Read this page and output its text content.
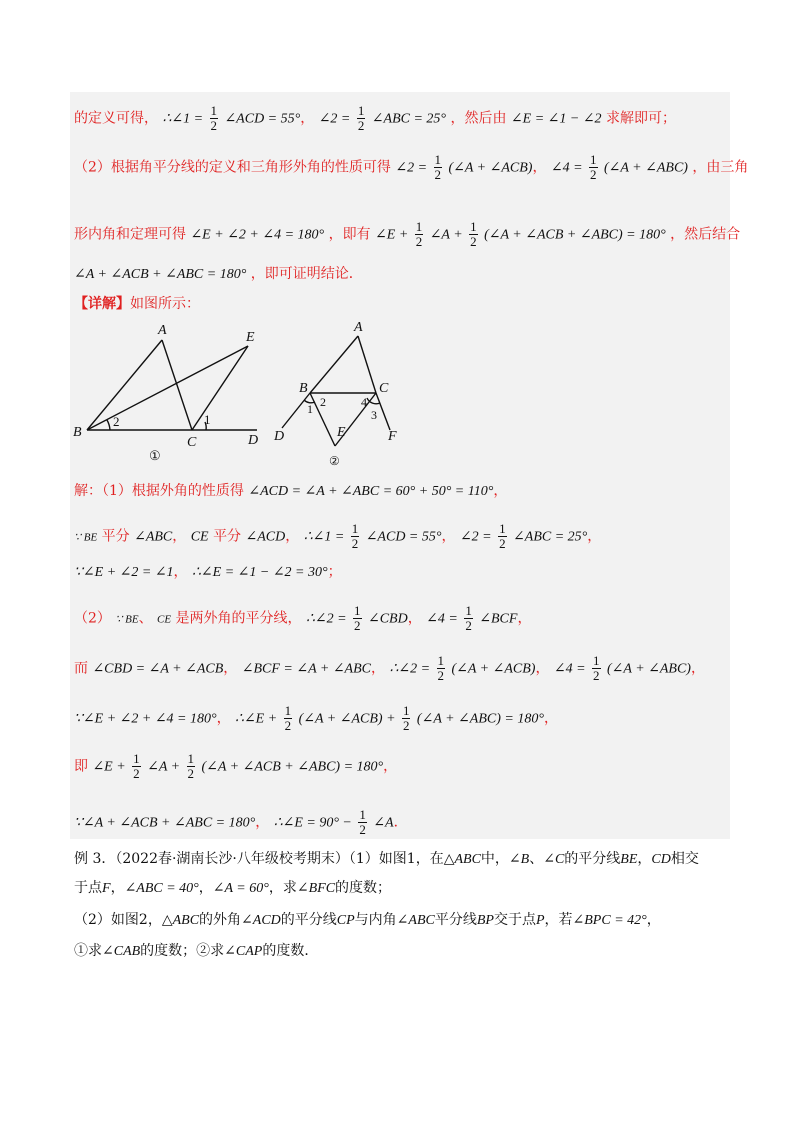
的定义可得， ∴∠1 = $\frac{1}{2}$ ∠ACD = 55°， ∠2 = $\frac{1}{2}$ ∠ABC = 25° ，然后由 ∠E = ∠1 − ∠2 求解即可；
（2）根据角平分线的定义和三角形外角的性质可得 ∠2 = $\frac{1}{2}$ (∠A + ∠ACB)， ∠4 = $\frac{1}{2}$ (∠A + ∠ABC) ，由三角
形内角和定理可得 ∠E + ∠2 + ∠4 = 180° ，即有 ∠E + $\frac{1}{2}$ ∠A + $\frac{1}{2}$ (∠A + ∠ACB + ∠ABC) = 180° ，然后结合
∠A + ∠ACB + ∠ABC = 180° ，即可证明结论．
【详解】如图所示：
A	E
B
C	D
1
2
①
A
B	C
D	E	F
1 2
3
4
②
解：（1）根据外角的性质得 ∠ACD = ∠A + ∠ABC = 60° + 50° = 110°，
∵ BE 平分 ∠ABC， CE 平分 ∠ACD， ∴∠1 = $\frac{1}{2}$ ∠ACD = 55°， ∠2 = $\frac{1}{2}$ ∠ABC = 25°，
∵∠E + ∠2 = ∠1， ∴∠E = ∠1 − ∠2 = 30°；
（2） ∵ BE、 CE 是两外角的平分线， ∴∠2 = $\frac{1}{2}$ ∠CBD， ∠4 = $\frac{1}{2}$ ∠BCF，
而 ∠CBD = ∠A + ∠ACB， ∠BCF = ∠A + ∠ABC， ∴∠2 = $\frac{1}{2}$ (∠A + ∠ACB)， ∠4 = $\frac{1}{2}$ (∠A + ∠ABC)，
∵∠E + ∠2 + ∠4 = 180°， ∴∠E + $\frac{1}{2}$ (∠A + ∠ACB) + $\frac{1}{2}$ (∠A + ∠ABC) = 180°，
即 ∠E + $\frac{1}{2}$ ∠A + $\frac{1}{2}$ (∠A + ∠ACB + ∠ABC) = 180°，
∵∠A + ∠ACB + ∠ABC = 180°， ∴∠E = $90^\circ - \frac{1}{2}$ ∠A．
例 3．（2022春·湖南长沙·八年级校考期末）（1）如图1，在△ABC中，∠B、∠C的平分线BE，CD相交
于点F，∠ABC = 40°，∠A = 60°，求∠BFC的度数；
（2）如图2，△ABC的外角∠ACD的平分线CP与内角∠ABC平分线BP交于点P，若∠BPC = 42°，
①求∠CAB的度数；②求∠CAP的度数．
